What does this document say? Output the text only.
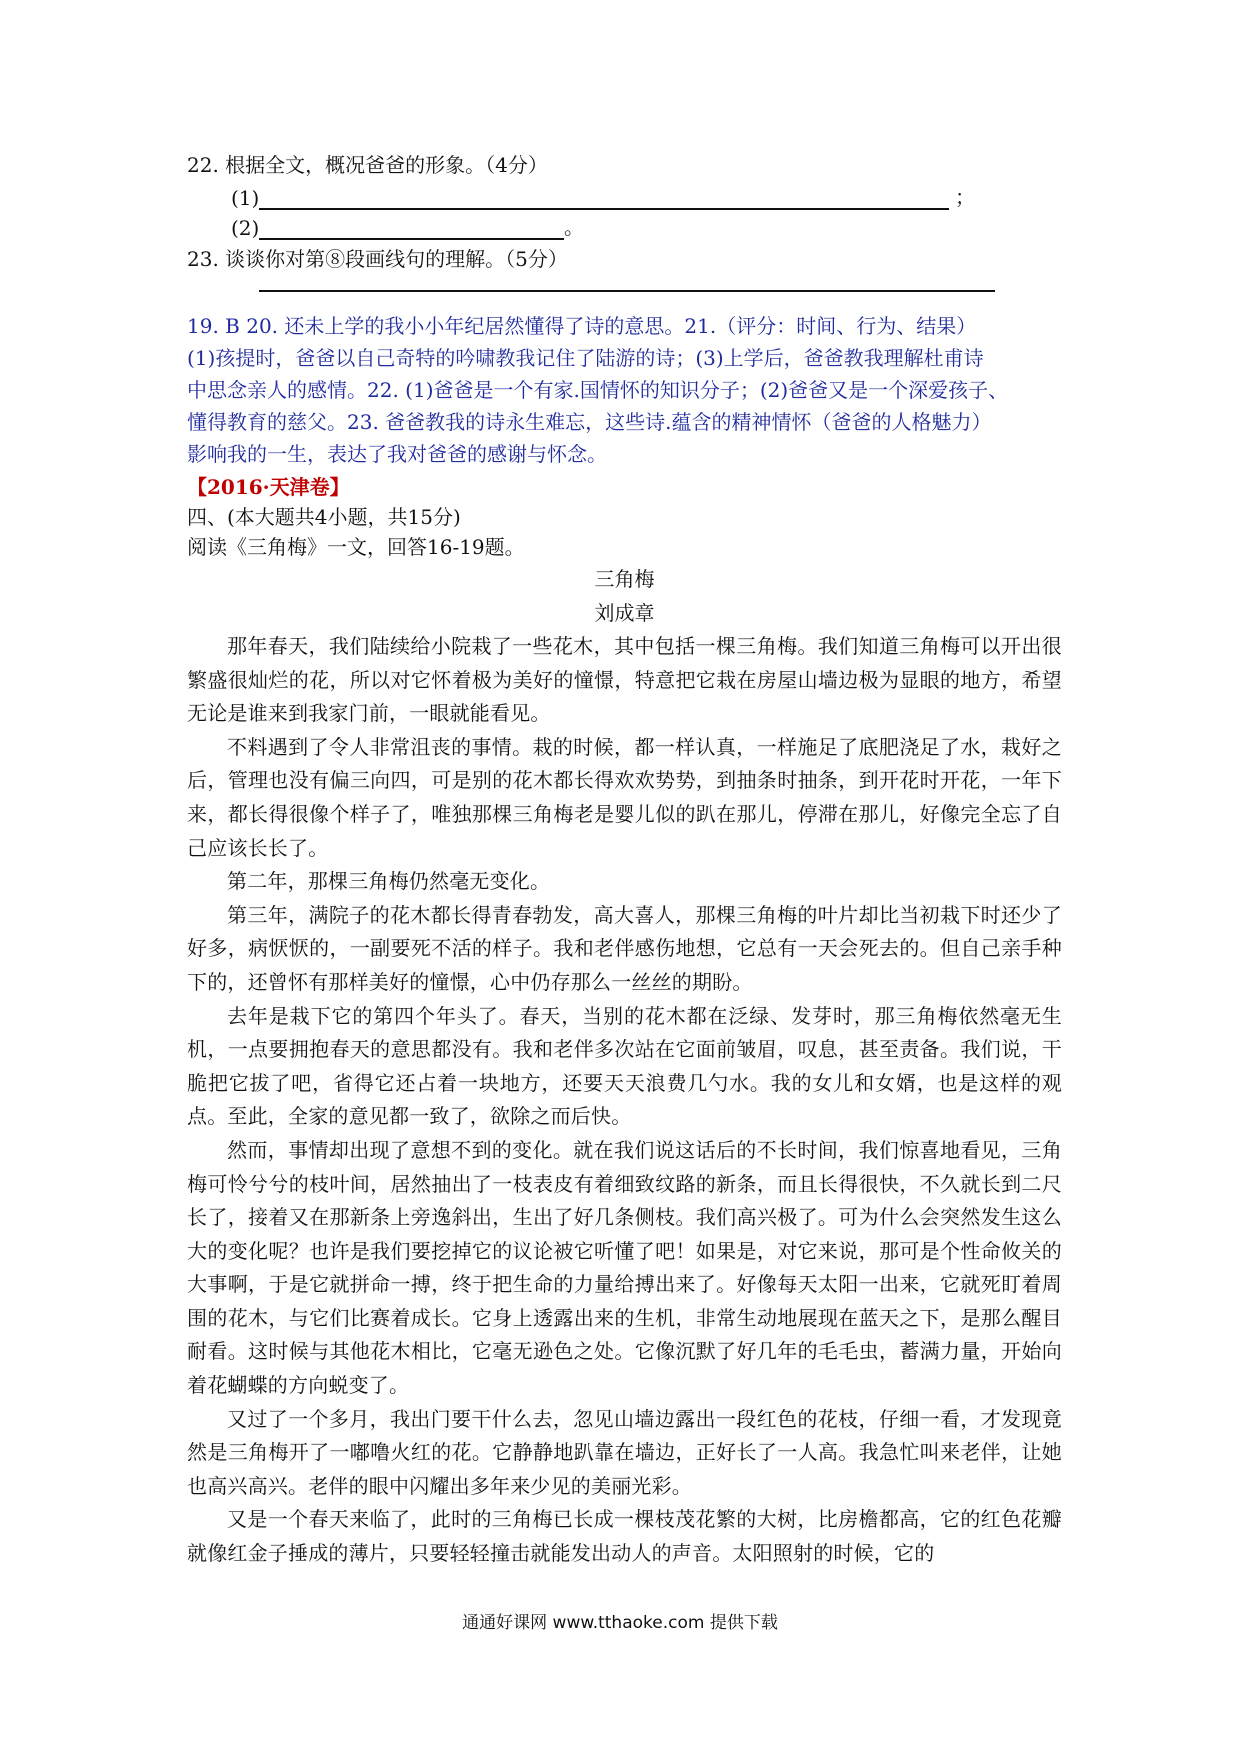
22. 根据全文，概况爸爸的形象。（4分）
(1)	；
(2)	。
23. 谈谈你对第⑧段画线句的理解。（5分）

19. B 20. 还未上学的我小小年纪居然懂得了诗的意思。21.（评分：时间、行为、结果）

(1)孩提时，爸爸以自己奇特的吟啸教我记住了陆游的诗；(3)上学后，爸爸教我理解杜甫诗

中思念亲人的感情。22. (1)爸爸是一个有家.国情怀的知识分子；(2)爸爸又是一个深爱孩子、

懂得教育的慈父。23. 爸爸教我的诗永生难忘，这些诗.蕴含的精神情怀（爸爸的人格魅力）

影响我的一生，表达了我对爸爸的感谢与怀念。

【2016·天津卷】
四、(本大题共4小题，共15分)
阅读《三角梅》一文，回答16-19题。
三角梅
刘成章

那年春天，我们陆续给小院栽了一些花木，其中包括一棵三角梅。我们知道三角梅可以开出很繁盛很灿烂的花，所以对它怀着极为美好的憧憬，特意把它栽在房屋山墙边极为显眼的地方，希望无论是谁来到我家门前，一眼就能看见。

不料遇到了令人非常沮丧的事情。栽的时候，都一样认真，一样施足了底肥浇足了水，栽好之后，管理也没有偏三向四，可是别的花木都长得欢欢势势，到抽条时抽条，到开花时开花，一年下来，都长得很像个样子了，唯独那棵三角梅老是婴儿似的趴在那儿，停滞在那儿，好像完全忘了自己应该长长了。

第二年，那棵三角梅仍然毫无变化。

第三年，满院子的花木都长得青春勃发，高大喜人，那棵三角梅的叶片却比当初栽下时还少了好多，病恹恹的，一副要死不活的样子。我和老伴感伤地想，它总有一天会死去的。但自己亲手种下的，还曾怀有那样美好的憧憬，心中仍存那么一丝丝的期盼。

去年是栽下它的第四个年头了。春天，当别的花木都在泛绿、发芽时，那三角梅依然毫无生机，一点要拥抱春天的意思都没有。我和老伴多次站在它面前皱眉，叹息，甚至责备。我们说，干脆把它拔了吧，省得它还占着一块地方，还要天天浪费几勺水。我的女儿和女婿，也是这样的观点。至此，全家的意见都一致了，欲除之而后快。

然而，事情却出现了意想不到的变化。就在我们说这话后的不长时间，我们惊喜地看见，三角梅可怜兮兮的枝叶间，居然抽出了一枝表皮有着细致纹路的新条，而且长得很快，不久就长到二尺长了，接着又在那新条上旁逸斜出，生出了好几条侧枝。我们高兴极了。可为什么会突然发生这么大的变化呢？也许是我们要挖掉它的议论被它听懂了吧！如果是，对它来说，那可是个性命攸关的大事啊，于是它就拼命一搏，终于把生命的力量给搏出来了。好像每天太阳一出来，它就死盯着周围的花木，与它们比赛着成长。它身上透露出来的生机，非常生动地展现在蓝天之下，是那么醒目耐看。这时候与其他花木相比，它毫无逊色之处。它像沉默了好几年的毛毛虫，蓄满力量，开始向着花蝴蝶的方向蜕变了。

又过了一个多月，我出门要干什么去，忽见山墙边露出一段红色的花枝，仔细一看，才发现竟然是三角梅开了一嘟噜火红的花。它静静地趴靠在墙边，正好长了一人高。我急忙叫来老伴，让她也高兴高兴。老伴的眼中闪耀出多年来少见的美丽光彩。

又是一个春天来临了，此时的三角梅已长成一棵枝茂花繁的大树，比房檐都高，它的红色花瓣就像红金子捶成的薄片，只要轻轻撞击就能发出动人的声音。太阳照射的时候，它的

通通好课网 www.tthaoke.com 提供下载
